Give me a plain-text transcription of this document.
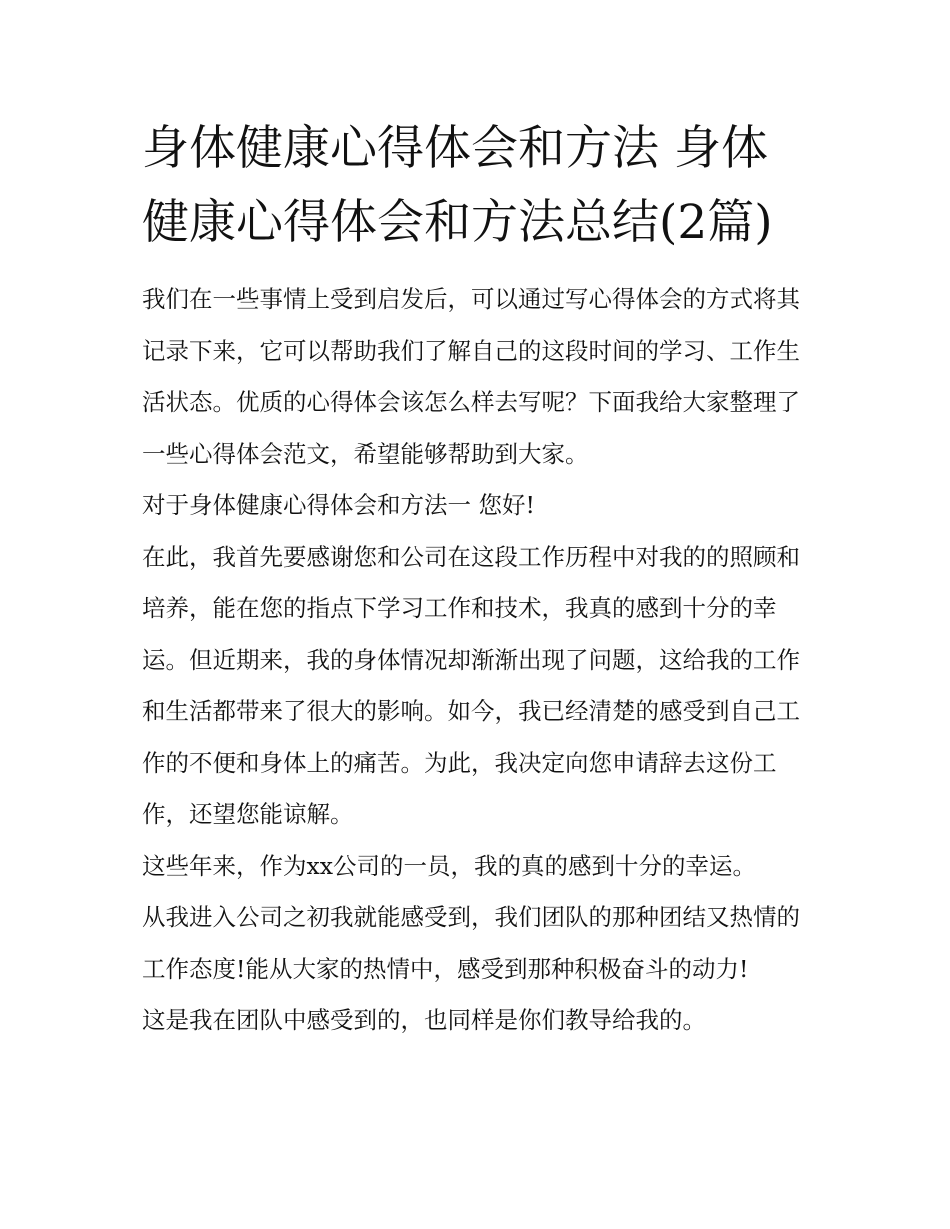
身体健康心得体会和方法 身体健康心得体会和方法总结(2篇)

我们在一些事情上受到启发后，可以通过写心得体会的方式将其记录下来，它可以帮助我们了解自己的这段时间的学习、工作生活状态。优质的心得体会该怎么样去写呢？下面我给大家整理了一些心得体会范文，希望能够帮助到大家。

对于身体健康心得体会和方法一 您好!

在此，我首先要感谢您和公司在这段工作历程中对我的的照顾和培养，能在您的指点下学习工作和技术，我真的感到十分的幸运。但近期来，我的身体情况却渐渐出现了问题，这给我的工作和生活都带来了很大的影响。如今，我已经清楚的感受到自己工作的不便和身体上的痛苦。为此，我决定向您申请辞去这份工作，还望您能谅解。

这些年来，作为xx公司的一员，我的真的感到十分的幸运。

从我进入公司之初我就能感受到，我们团队的那种团结又热情的工作态度!能从大家的热情中，感受到那种积极奋斗的动力!

这是我在团队中感受到的，也同样是你们教导给我的。
